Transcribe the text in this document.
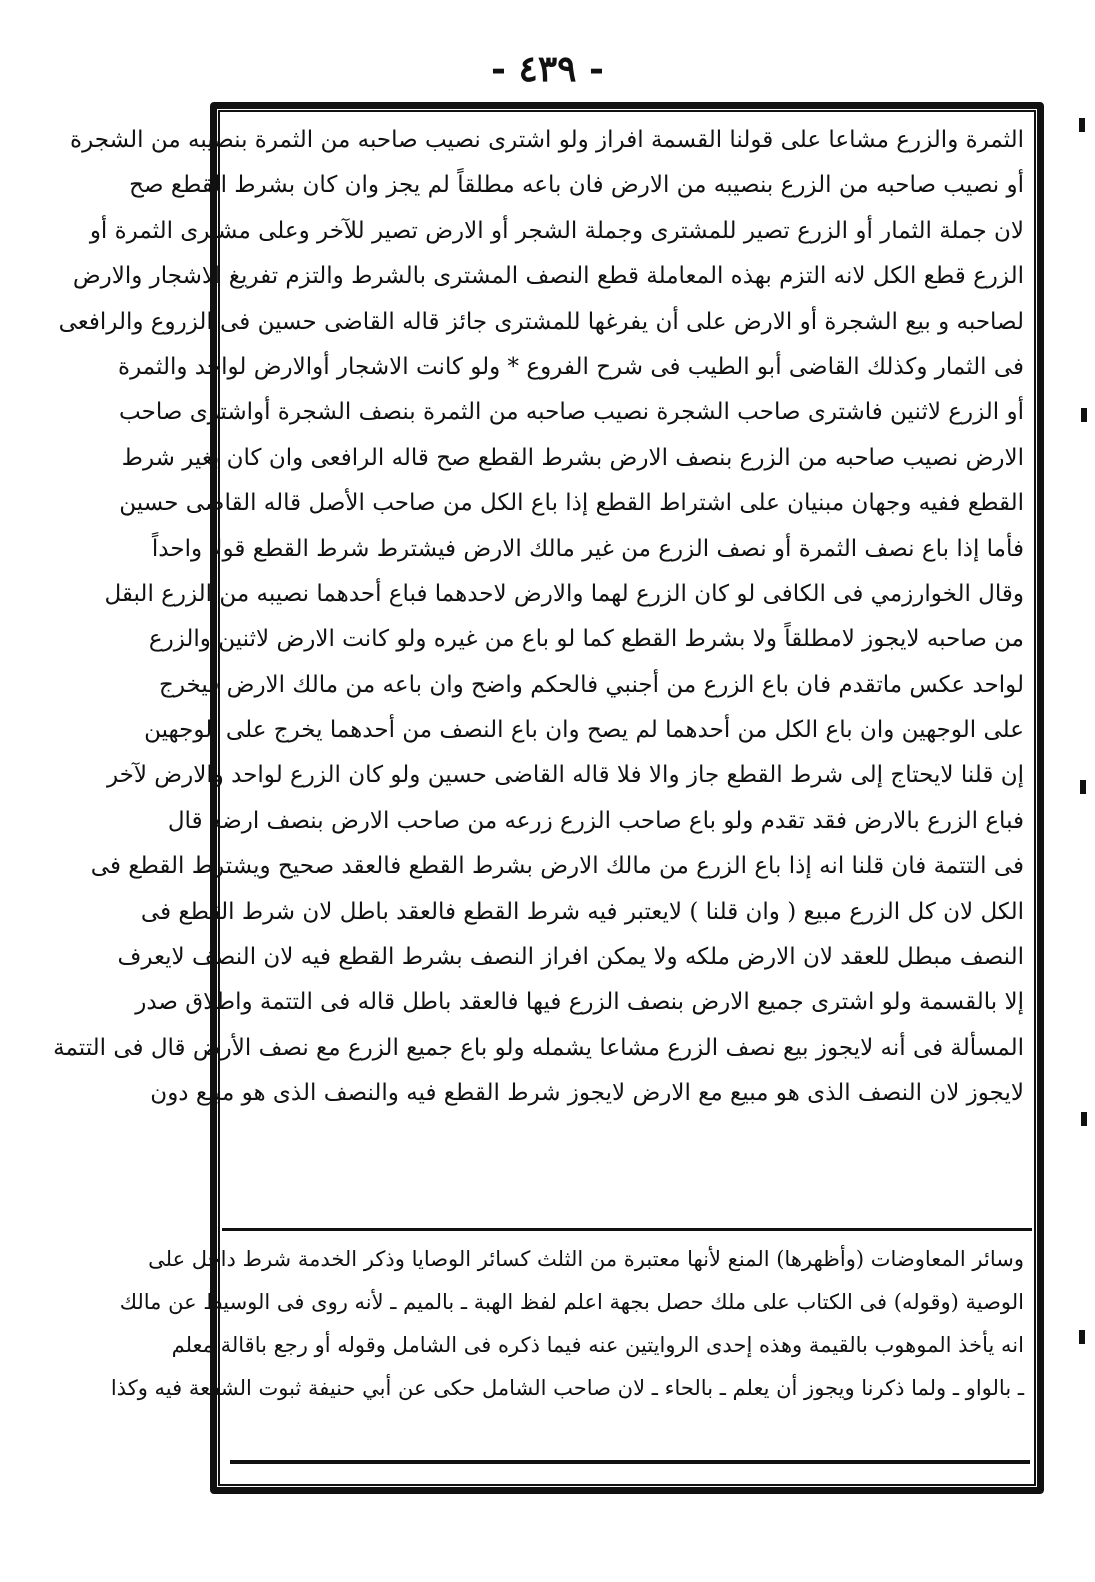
- ٤٣٩ -
الثمرة والزرع مشاعا على قولنا القسمة افراز ولو اشترى نصيب صاحبه من الثمرة بنصيبه من الشجرة
أو نصيب صاحبه من الزرع بنصيبه من الارض فان باعه مطلقاً لم يجز وان كان بشرط القطع صح
لان جملة الثمار أو الزرع تصير للمشترى وجملة الشجر أو الارض تصير للآخر وعلى مشترى الثمرة أو
الزرع قطع الكل لانه التزم بهذه المعاملة قطع النصف المشترى بالشرط والتزم تفريغ الاشجار والارض
لصاحبه و بيع الشجرة أو الارض على أن يفرغها للمشترى جائز قاله القاضى حسين فى الزروع والرافعى
فى الثمار وكذلك القاضى أبو الطيب فى شرح الفروع * ولو كانت الاشجار أوالارض لواحد والثمرة
أو الزرع لاثنين فاشترى صاحب الشجرة نصيب صاحبه من الثمرة بنصف الشجرة أواشترى صاحب
الارض نصيب صاحبه من الزرع بنصف الارض بشرط القطع صح قاله الرافعى وان كان بغير شرط
القطع ففيه وجهان مبنيان على اشتراط القطع إذا باع الكل من صاحب الأصل قاله القاضى حسين
فأما إذا باع نصف الثمرة أو نصف الزرع من غير مالك الارض فيشترط شرط القطع قولا واحداً
وقال الخوارزمي فى الكافى لو كان الزرع لهما والارض لاحدهما فباع أحدهما نصيبه من الزرع البقل
من صاحبه لايجوز لامطلقاً ولا بشرط القطع كما لو باع من غيره ولو كانت الارض لاثنين والزرع
لواحد عكس ماتقدم فان باع الزرع من أجنبي فالحكم واضح وان باعه من مالك الارض فيخرج
على الوجهين وان باع الكل من أحدهما لم يصح وان باع النصف من أحدهما يخرج على الوجهين
إن قلنا لايحتاج إلى شرط القطع جاز والا فلا قاله القاضى حسين ولو كان الزرع لواحد والارض لآخر
فباع الزرع بالارض فقد تقدم ولو باع صاحب الزرع زرعه من صاحب الارض بنصف ارضه قال
فى التتمة فان قلنا انه إذا باع الزرع من مالك الارض بشرط القطع فالعقد صحيح ويشترط القطع فى
الكل لان كل الزرع مبيع ( وان قلنا ) لايعتبر فيه شرط القطع فالعقد باطل لان شرط القطع فى
النصف مبطل للعقد لان الارض ملكه ولا يمكن افراز النصف بشرط القطع فيه لان النصف لايعرف
إلا بالقسمة ولو اشترى جميع الارض بنصف الزرع فيها فالعقد باطل قاله فى التتمة واطلاق صدر
المسألة فى أنه لايجوز بيع نصف الزرع مشاعا يشمله ولو باع جميع الزرع مع نصف الأرض قال فى التتمة
لايجوز لان النصف الذى هو مبيع مع الارض لايجوز شرط القطع فيه والنصف الذى هو مبيع دون
وسائر المعاوضات (وأظهرها) المنع لأنها معتبرة من الثلث كسائر الوصايا وذكر الخدمة شرط داخل على
الوصية (وقوله) فى الكتاب على ملك حصل بجهة اعلم لفظ الهبة ـ بالميم ـ لأنه روى فى الوسيط عن مالك
انه يأخذ الموهوب بالقيمة وهذه إحدى الروايتين عنه فيما ذكره فى الشامل وقوله أو رجع باقالة معلم
ـ بالواو ـ ولما ذكرنا ويجوز أن يعلم ـ بالحاء ـ لان صاحب الشامل حكى عن أبي حنيفة ثبوت الشفعة فيه وكذا
